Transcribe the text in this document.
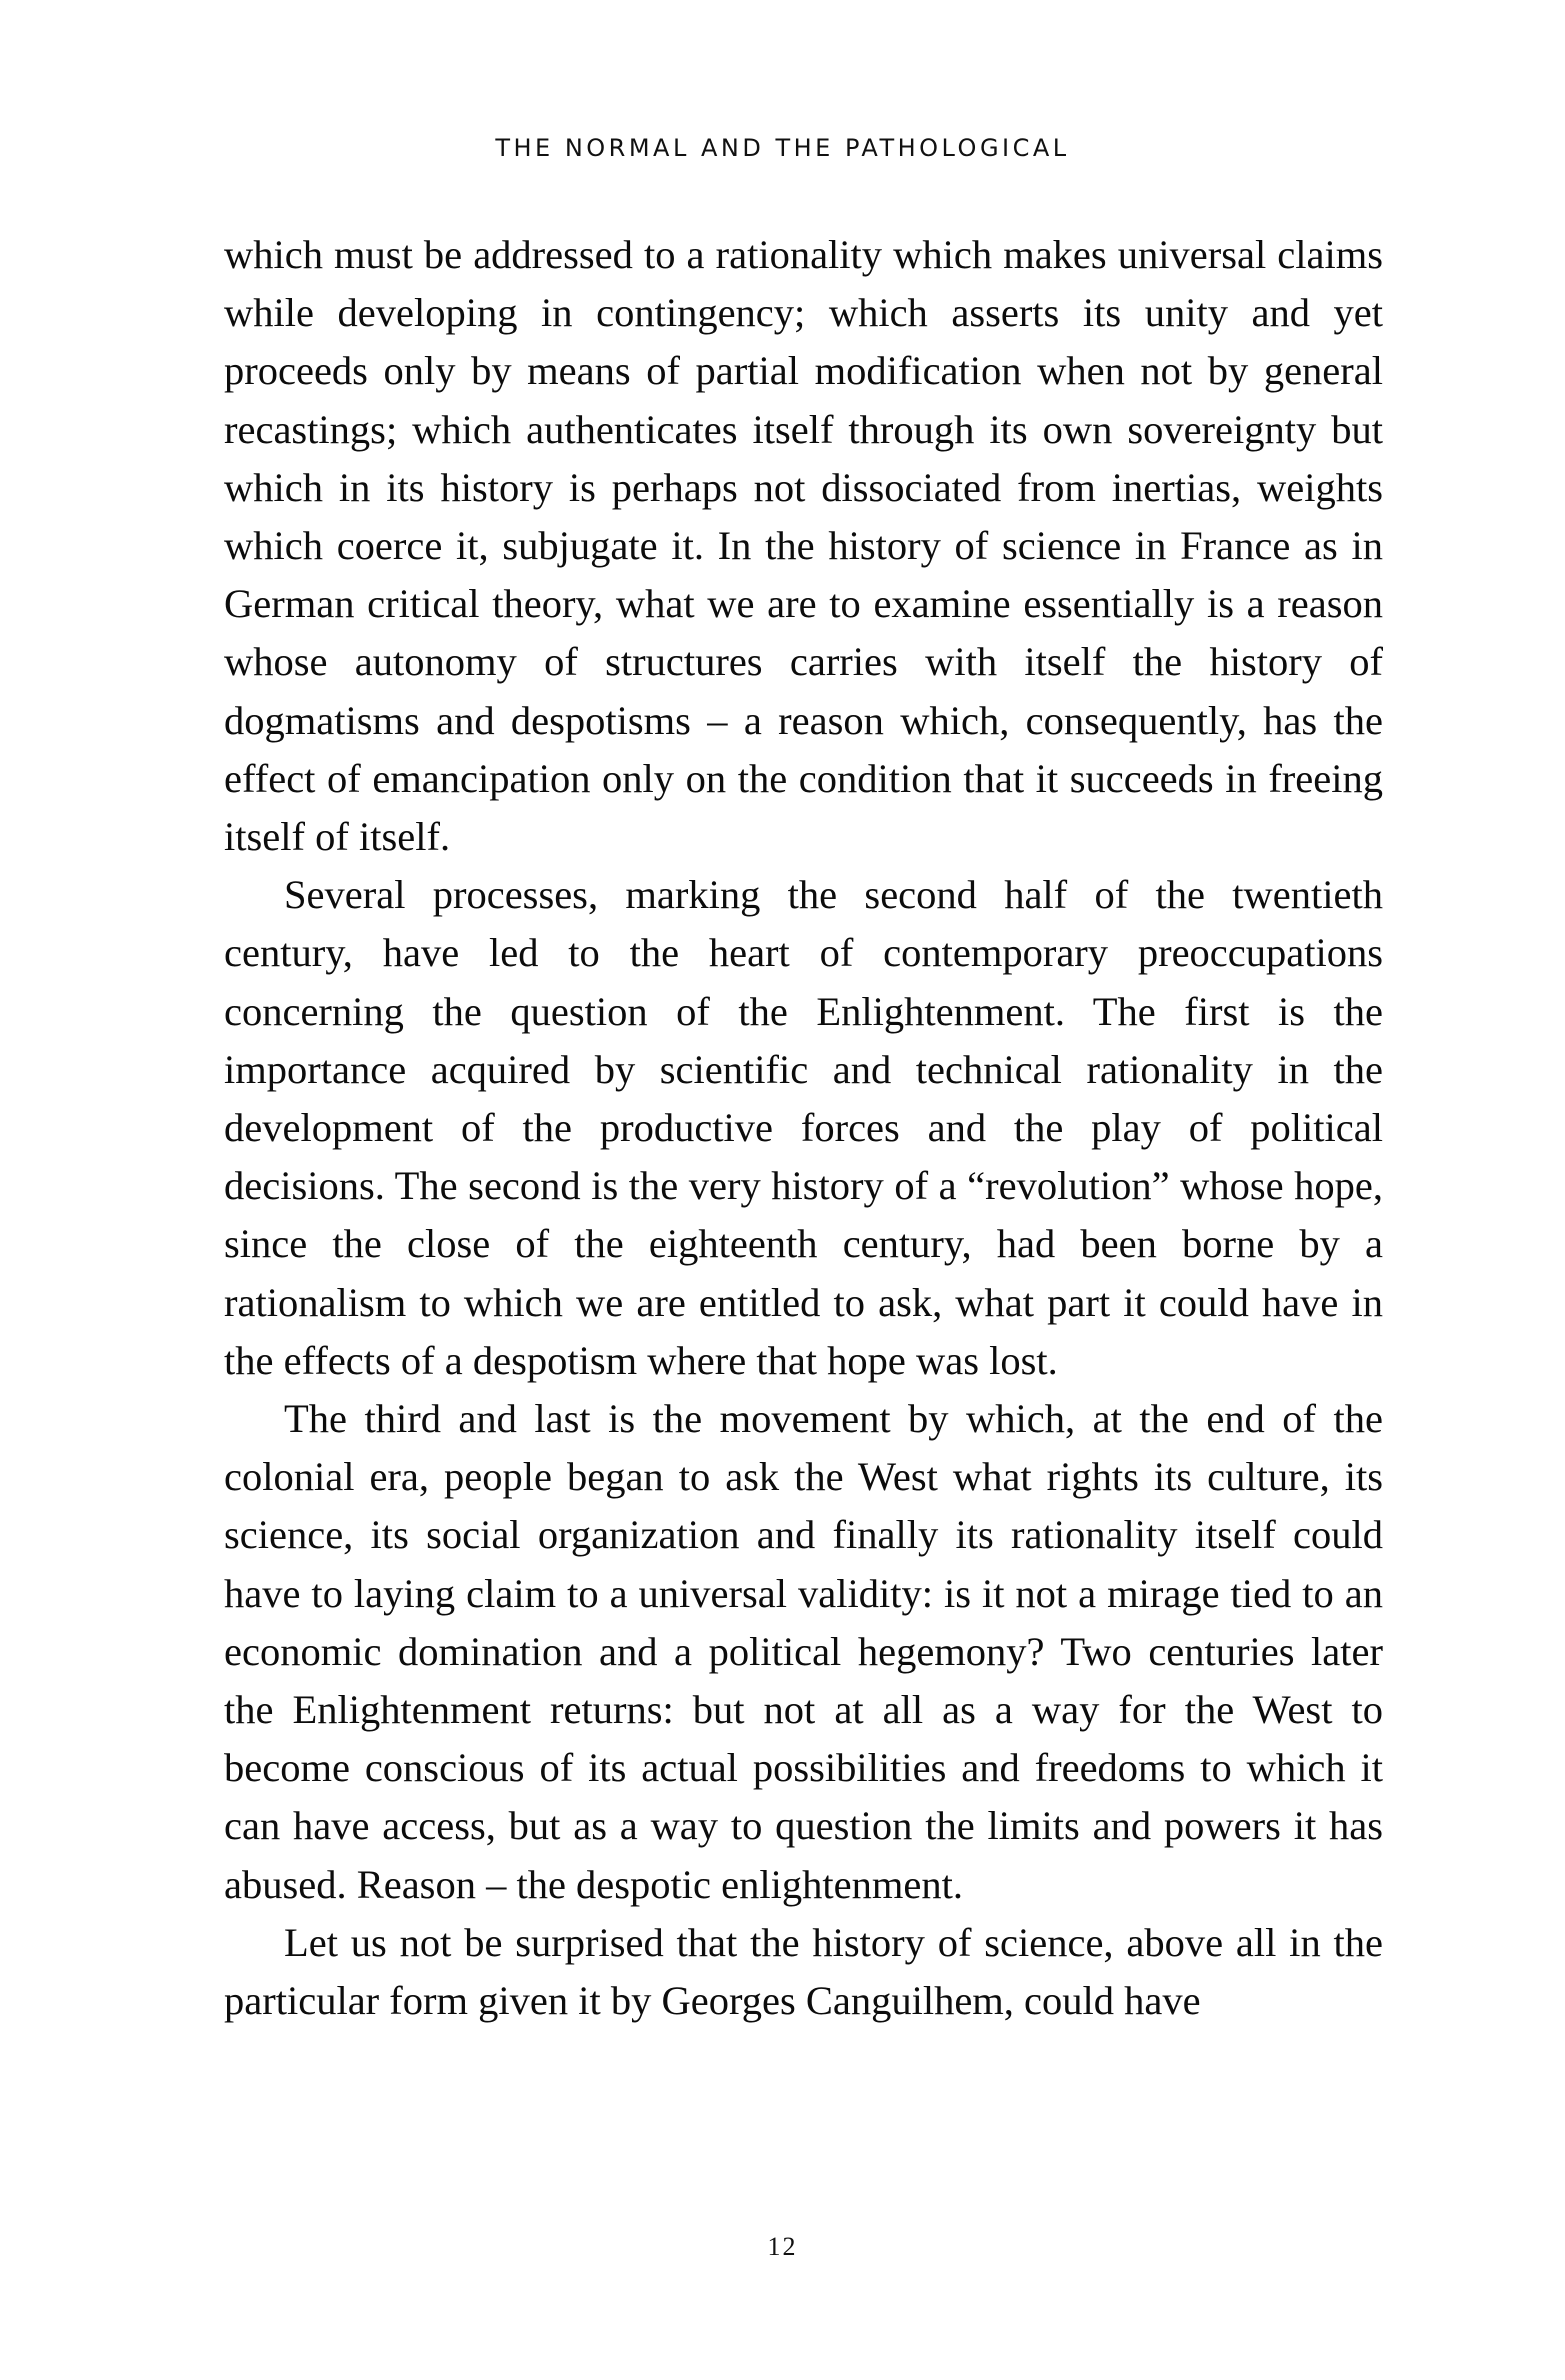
THE NORMAL AND THE PATHOLOGICAL

which must be addressed to a rationality which makes universal claims while developing in contingency; which asserts its unity and yet proceeds only by means of partial modification when not by general recastings; which authenticates itself through its own sovereignty but which in its history is perhaps not dissociated from inertias, weights which coerce it, subjugate it. In the history of science in France as in German critical theory, what we are to examine essentially is a reason whose autonomy of structures carries with itself the history of dogmatisms and despotisms – a reason which, consequently, has the effect of emancipation only on the condition that it succeeds in freeing itself of itself.

Several processes, marking the second half of the twentieth century, have led to the heart of contemporary preoccupations concerning the question of the Enlightenment. The first is the importance acquired by scientific and technical rationality in the development of the productive forces and the play of political decisions. The second is the very history of a “revolution” whose hope, since the close of the eighteenth century, had been borne by a rationalism to which we are entitled to ask, what part it could have in the effects of a despotism where that hope was lost.

The third and last is the movement by which, at the end of the colonial era, people began to ask the West what rights its culture, its science, its social organization and finally its rationality itself could have to laying claim to a universal validity: is it not a mirage tied to an economic domination and a political hegemony? Two centuries later the Enlightenment returns: but not at all as a way for the West to become conscious of its actual possibilities and freedoms to which it can have access, but as a way to question the limits and powers it has abused. Reason – the despotic enlightenment.

Let us not be surprised that the history of science, above all in the particular form given it by Georges Canguilhem, could have

12
